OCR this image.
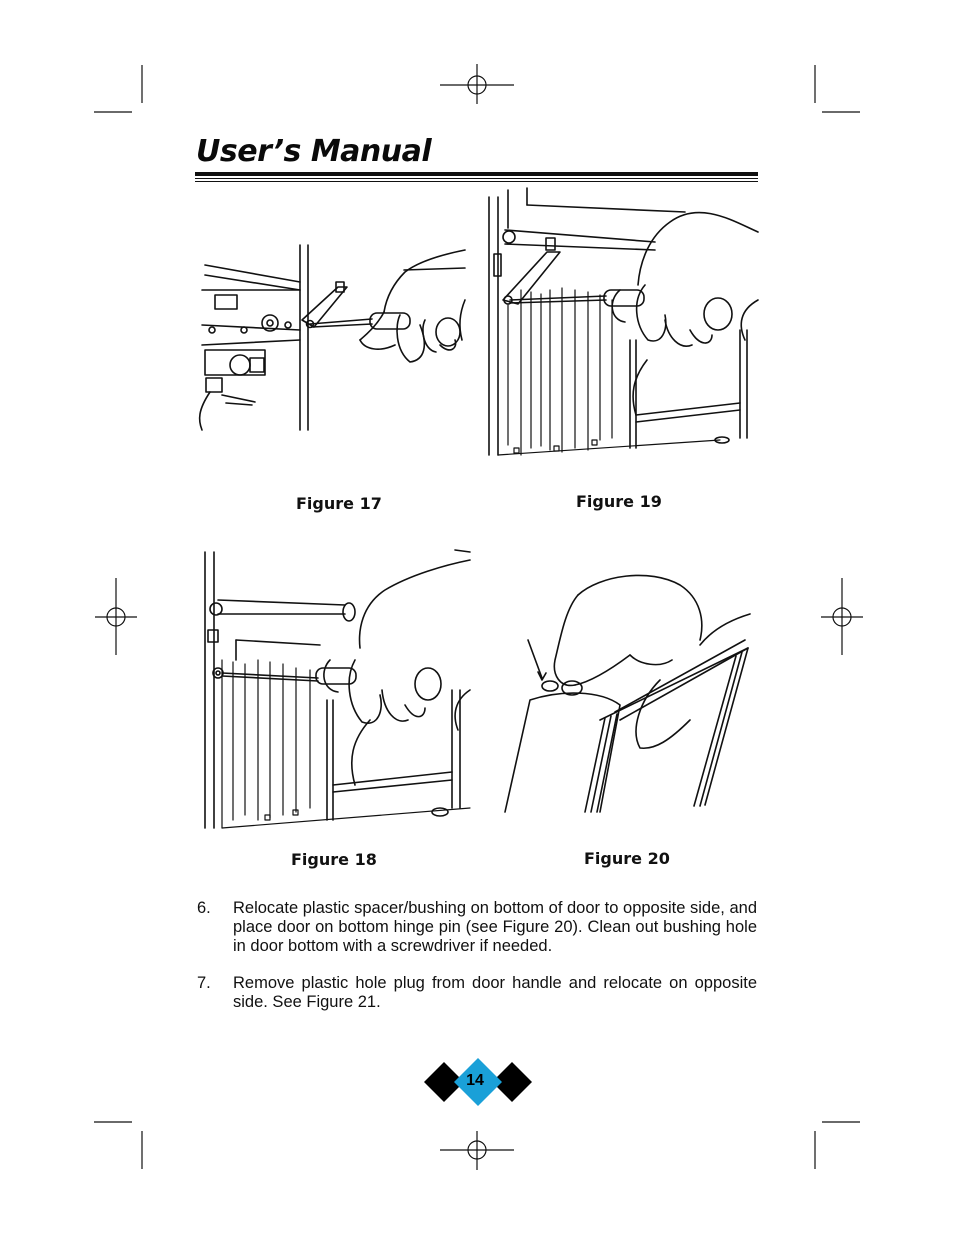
User’s Manual
Figure 17	Figure 19
Figure 18	Figure 20
6. Relocate plastic spacer/bushing on bottom of door to opposite side, and place door on bottom hinge pin (see Figure 20). Clean out bushing hole in door bottom with a screwdriver if needed.
7. Remove plastic hole plug from door handle and relocate on opposite side. See Figure 21.
14
